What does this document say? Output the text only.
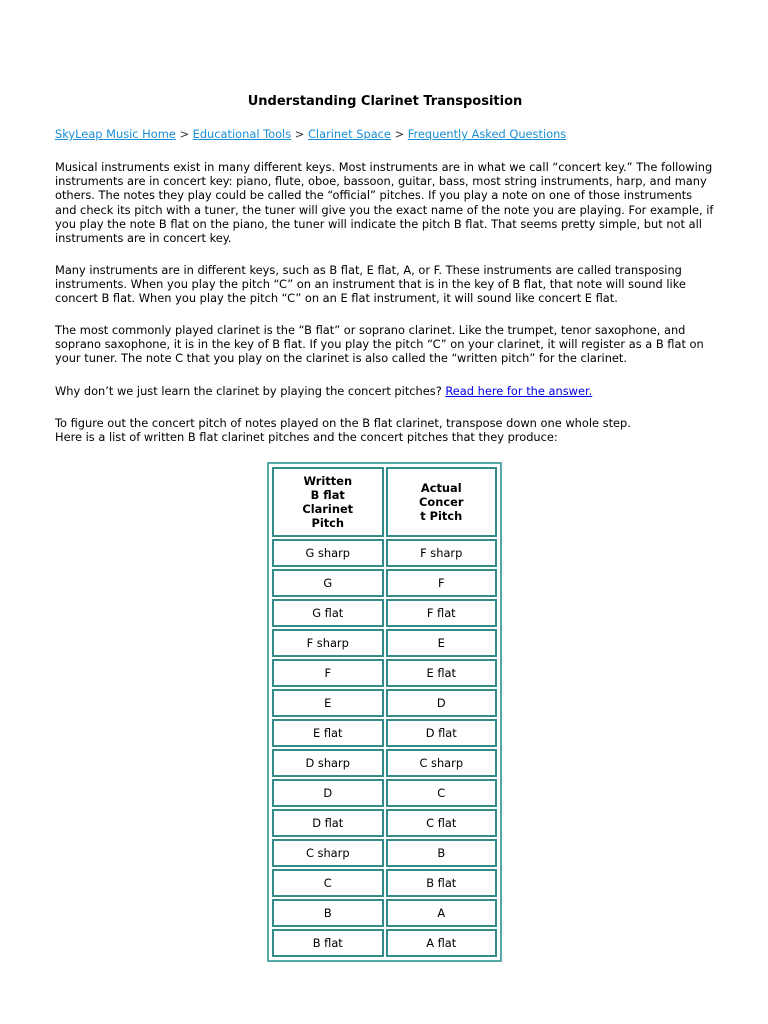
Understanding Clarinet Transposition
SkyLeap Music Home > Educational Tools > Clarinet Space > Frequently Asked Questions

Musical instruments exist in many different keys. Most instruments are in what we call “concert key.” The following instruments are in concert key: piano, flute, oboe, bassoon, guitar, bass, most string instruments, harp, and many others. The notes they play could be called the “official” pitches. If you play a note on one of those instruments and check its pitch with a tuner, the tuner will give you the exact name of the note you are playing. For example, if you play the note B flat on the piano, the tuner will indicate the pitch B flat. That seems pretty simple, but not all instruments are in concert key.

Many instruments are in different keys, such as B flat, E flat, A, or F. These instruments are called transposing instruments. When you play the pitch “C” on an instrument that is in the key of B flat, that note will sound like concert B flat. When you play the pitch “C” on an E flat instrument, it will sound like concert E flat.

The most commonly played clarinet is the “B flat” or soprano clarinet. Like the trumpet, tenor saxophone, and soprano saxophone, it is in the key of B flat. If you play the pitch “C” on your clarinet, it will register as a B flat on your tuner. The note C that you play on the clarinet is also called the “written pitch” for the clarinet.

Why don’t we just learn the clarinet by playing the concert pitches? Read here for the answer.

To figure out the concert pitch of notes played on the B flat clarinet, transpose down one whole step.
Here is a list of written B flat clarinet pitches and the concert pitches that they produce:

Written
B flat
Clarinet
Pitch	Actual
Concer
t Pitch
G sharp	F sharp
G	F
G flat	F flat
F sharp	E
F	E flat
E	D
E flat	D flat
D sharp	C sharp
D	C
D flat	C flat
C sharp	B
C	B flat
B	A
B flat	A flat
